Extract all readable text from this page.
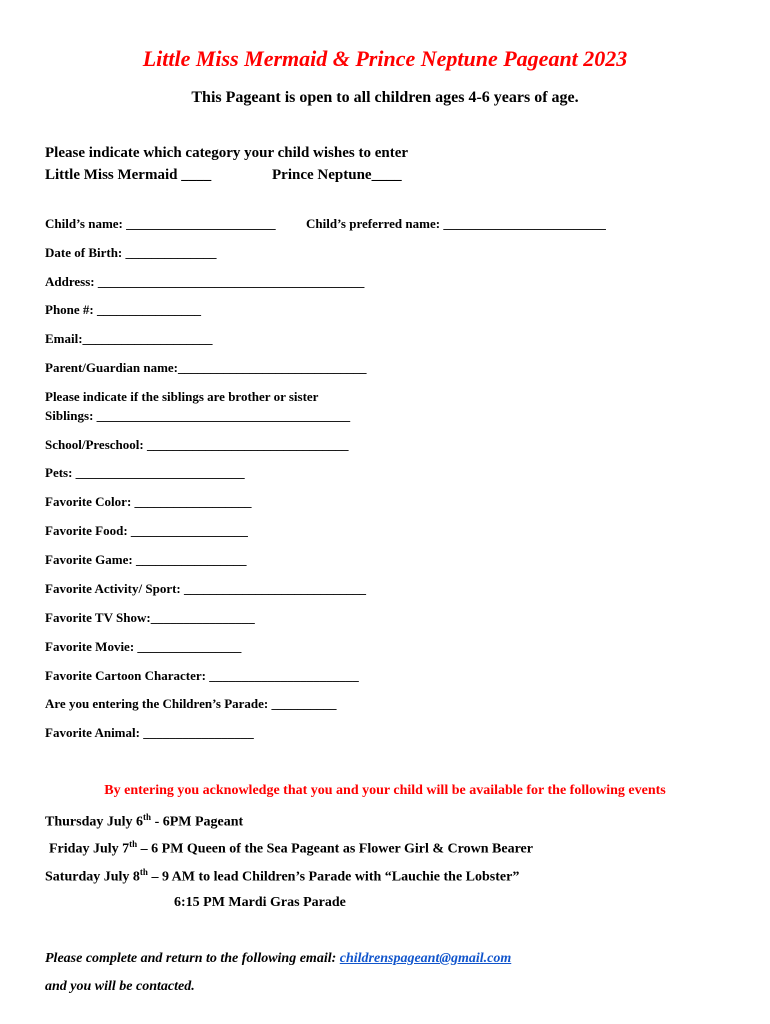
Little Miss Mermaid & Prince Neptune Pageant 2023
This Pageant is open to all children ages 4-6 years of age.
Please indicate which category your child wishes to enter
Little Miss Mermaid ____	Prince Neptune____
Child’s name: _______________________ Child’s preferred name: _________________________
Date of Birth: ______________
Address: _________________________________________
Phone #: ________________
Email:____________________
Parent/Guardian name:_____________________________
Please indicate if the siblings are brother or sister
Siblings: _______________________________________
School/Preschool: _______________________________
Pets: __________________________
Favorite Color: __________________
Favorite Food: __________________
Favorite Game: _________________
Favorite Activity/ Sport: ____________________________
Favorite TV Show:________________
Favorite Movie: ________________
Favorite Cartoon Character: _______________________
Are you entering the Children’s Parade: __________
Favorite Animal: _________________
By entering you acknowledge that you and your child will be available for the following events
Thursday July 6th - 6PM Pageant
Friday July 7th – 6 PM Queen of the Sea Pageant as Flower Girl & Crown Bearer
Saturday July 8th – 9 AM to lead Children’s Parade with “Lauchie the Lobster”
6:15 PM Mardi Gras Parade
Please complete and return to the following email: childrenspageant@gmail.com
and you will be contacted.
